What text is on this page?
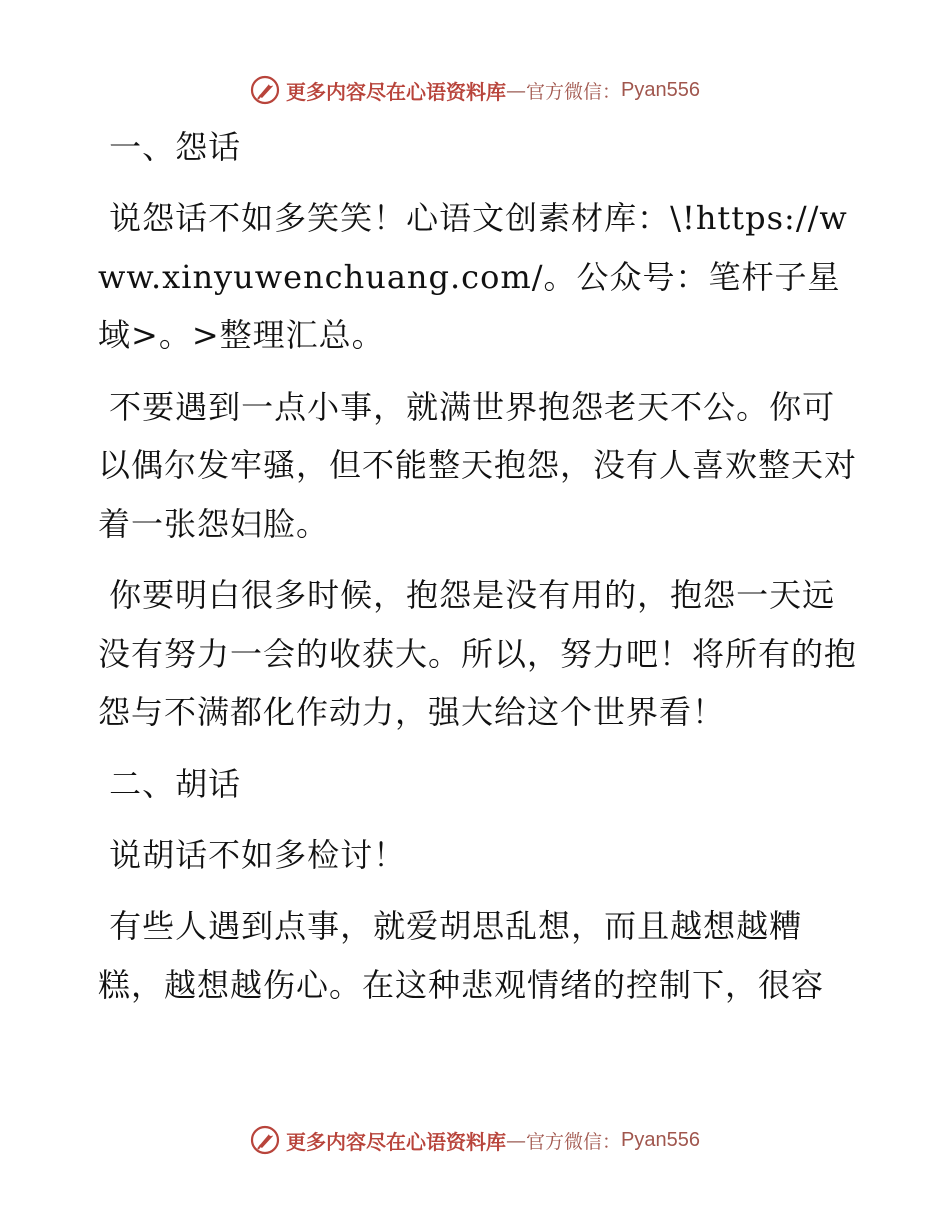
更多内容尽在心语资料库 — 官方微信： Pyan556
一、怨话
说怨话不如多笑笑！心语文创素材库：\!https://www.xinyuwenchuang.com/。公众号：笔杆子星域>。>整理汇总。
不要遇到一点小事，就满世界抱怨老天不公。你可以偶尔发牢骚，但不能整天抱怨，没有人喜欢整天对着一张怨妇脸。
你要明白很多时候，抱怨是没有用的，抱怨一天远没有努力一会的收获大。所以，努力吧！将所有的抱怨与不满都化作动力，强大给这个世界看！
二、胡话
说胡话不如多检讨！
有些人遇到点事，就爱胡思乱想，而且越想越糟糕，越想越伤心。在这种悲观情绪的控制下，很容
更多内容尽在心语资料库 — 官方微信： Pyan556
